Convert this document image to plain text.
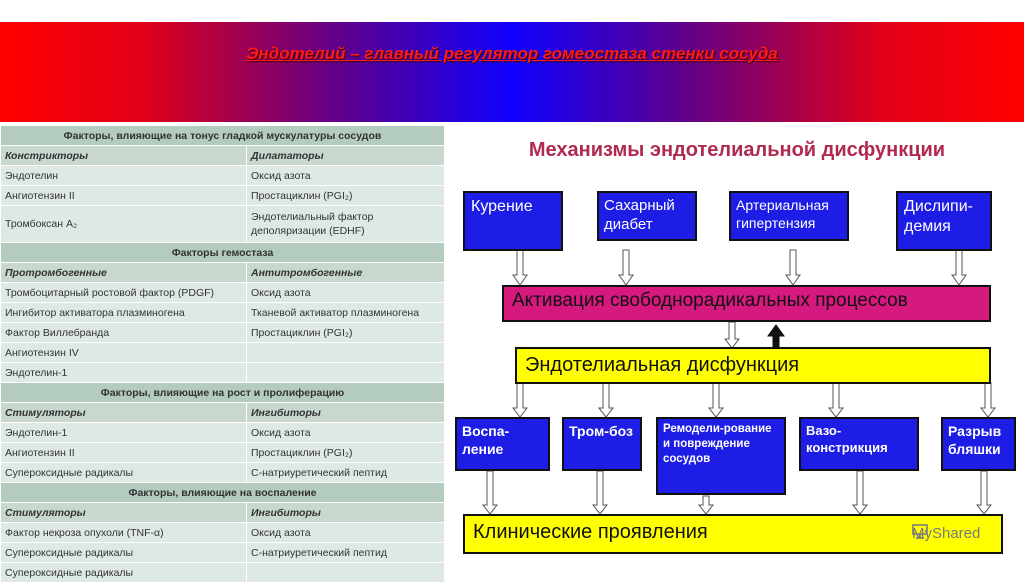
Эндотелий – главный регулятор гомеостаза стенки сосуда
Факторы, влияющие на тонус гладкой мускулатуры сосудов	
Констрикторы	Дилататоры
Эндотелин	Оксид азота
Ангиотензин II	Простациклин (PGI₂)
Тромбоксан A₂	Эндотелиальный фактор деполяризации (EDHF)
Факторы гемостаза	
Протромбогенные	Антитромбогенные
Тромбоцитарный ростовой фактор (PDGF)	Оксид азота
Ингибитор активатора плазминогена	Тканевой активатор плазминогена
Фактор Виллебранда	Простациклин (PGI₂)
Ангиотензин IV	
Эндотелин-1	
Факторы, влияющие на рост и пролиферацию	
Стимуляторы	Ингибиторы
Эндотелин-1	Оксид азота
Ангиотензин II	Простациклин (PGI₂)
Супероксидные радикалы	С-натриуретический пептид
Факторы, влияющие на воспаление	
Стимуляторы	Ингибиторы
Фактор некроза опухоли (TNF-α)	Оксид азота
Супероксидные радикалы	С-натриуретический пептид
Супероксидные радикалы	
Механизмы эндотелиальной дисфункции
Курение	Сахарный диабет
Артериальная гипертензия
Дислипи-демия
Активация свободнорадикальных процессов
Эндотелиальная дисфункция
Воспа-ление
Тром-боз	Ремодели-рование и повреждение сосудов
Вазо-констрикция
Разрыв бляшки
Клинические проявления	MyShared
